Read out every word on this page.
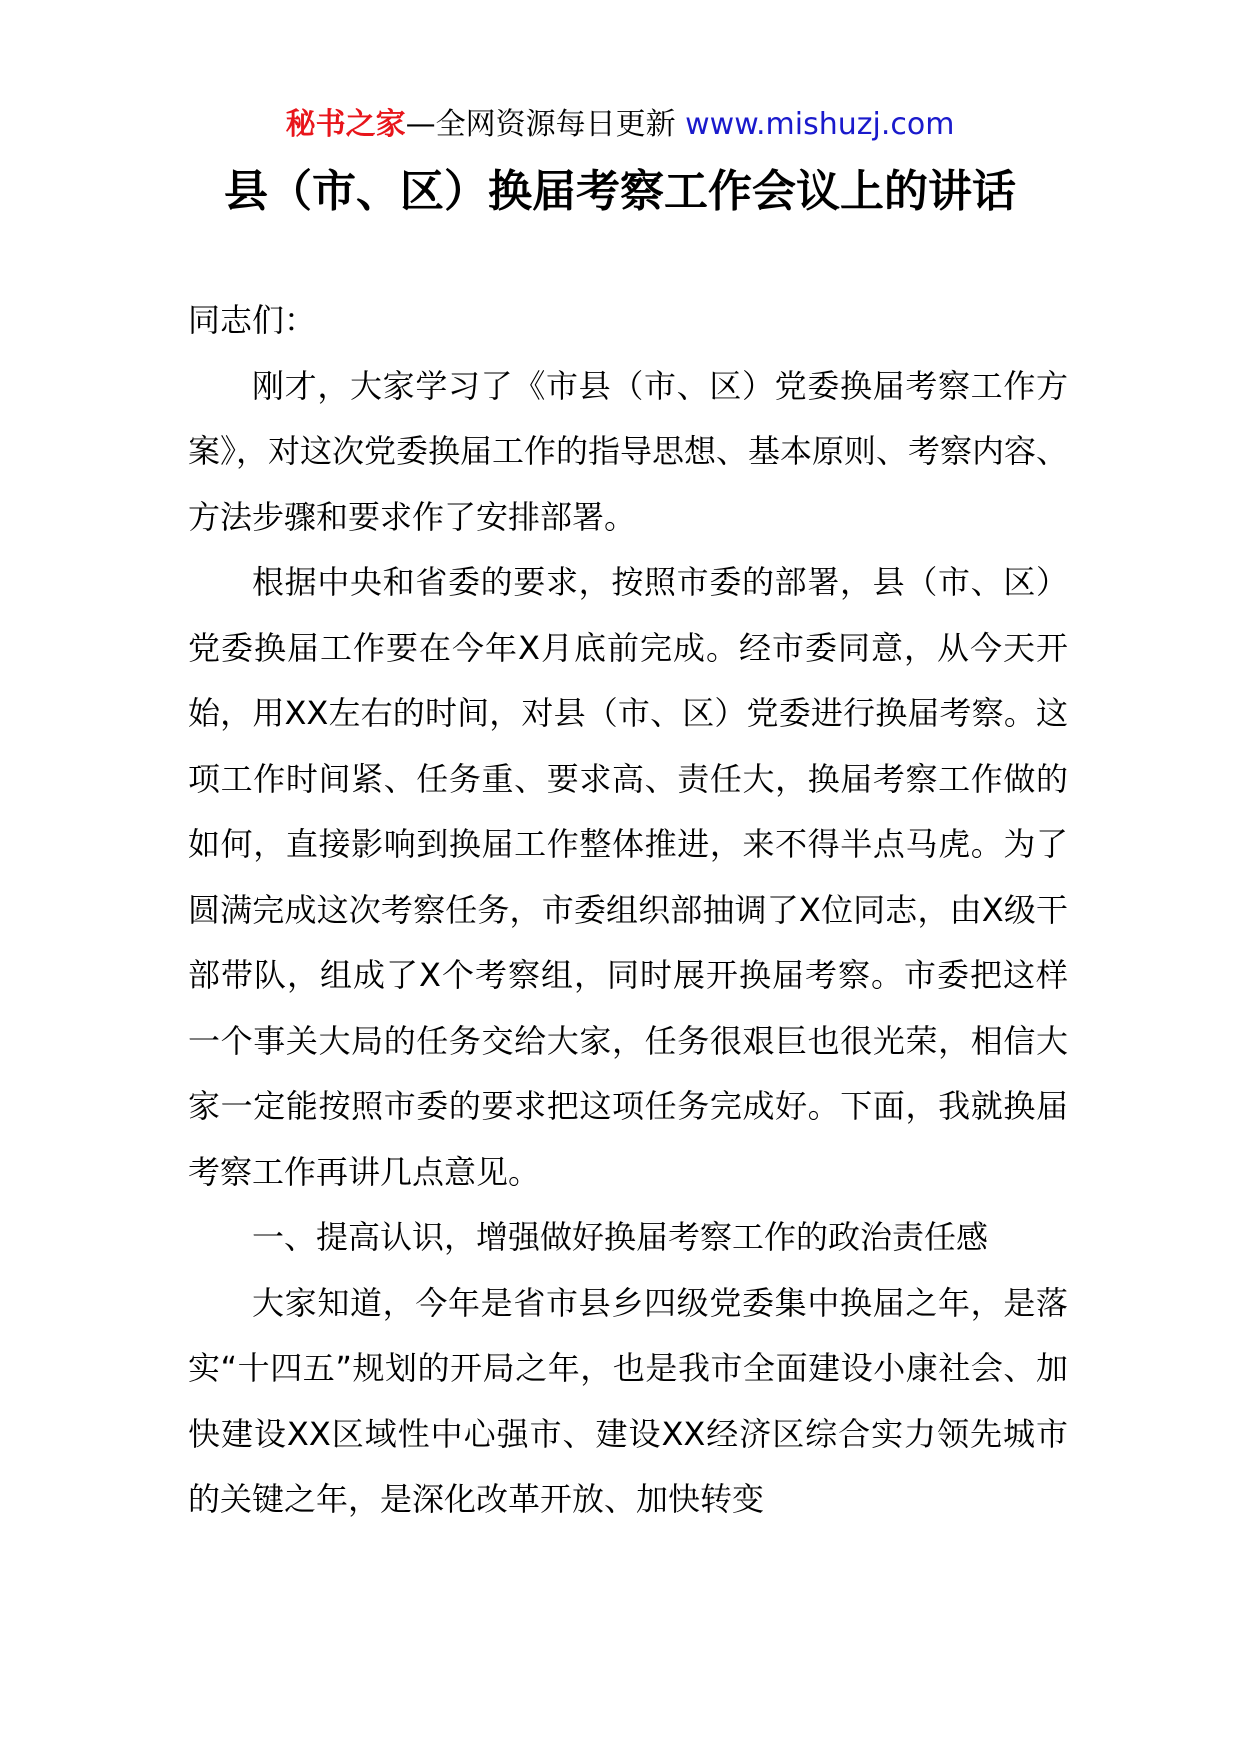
秘书之家—全网资源每日更新 www.mishuzj.com
县（市、区）换届考察工作会议上的讲话

同志们：

刚才，大家学习了《市县（市、区）党委换届考察工作方案》，对这次党委换届工作的指导思想、基本原则、考察内容、方法步骤和要求作了安排部署。

根据中央和省委的要求，按照市委的部署，县（市、区）党委换届工作要在今年X月底前完成。经市委同意，从今天开始，用XX左右的时间，对县（市、区）党委进行换届考察。这项工作时间紧、任务重、要求高、责任大，换届考察工作做的如何，直接影响到换届工作整体推进，来不得半点马虎。为了圆满完成这次考察任务，市委组织部抽调了X位同志，由X级干部带队，组成了X个考察组，同时展开换届考察。市委把这样一个事关大局的任务交给大家，任务很艰巨也很光荣，相信大家一定能按照市委的要求把这项任务完成好。下面，我就换届考察工作再讲几点意见。

一、提高认识，增强做好换届考察工作的政治责任感

大家知道，今年是省市县乡四级党委集中换届之年，是落实“十四五”规划的开局之年，也是我市全面建设小康社会、加快建设XX区域性中心强市、建设XX经济区综合实力领先城市的关键之年，是深化改革开放、加快转变
